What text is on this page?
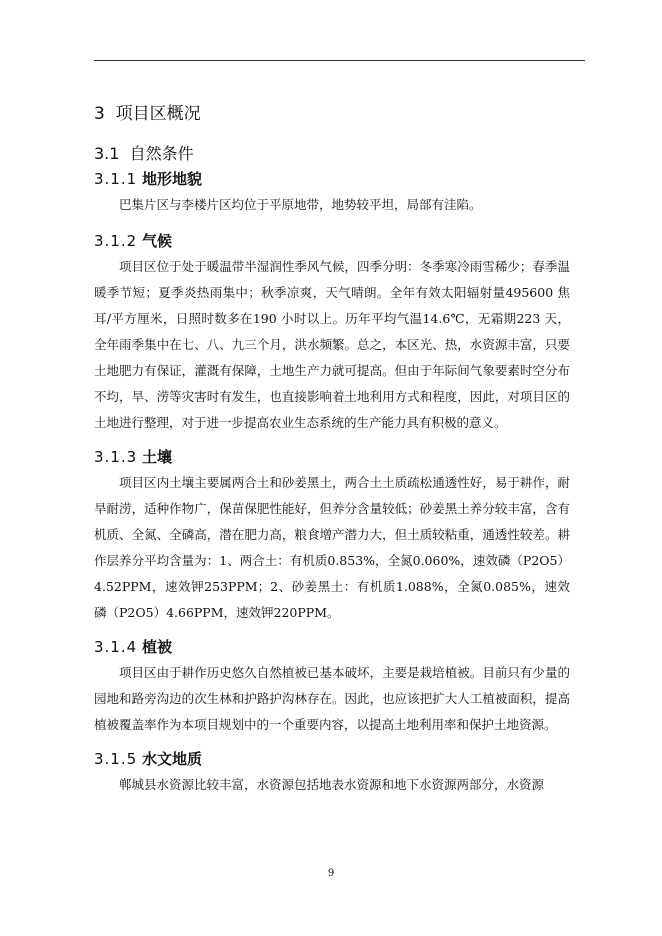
3 项目区概况
3.1 自然条件
3.1.1 地形地貌

巴集片区与李楼片区均位于平原地带，地势较平坦，局部有洼陷。

3.1.2 气候

项目区位于处于暖温带半湿润性季风气候，四季分明：冬季寒冷雨雪稀少；春季温暖季节短；夏季炎热雨集中；秋季凉爽，天气晴朗。全年有效太阳辐射量495600 焦耳/平方厘米，日照时数多在190 小时以上。历年平均气温14.6℃，无霜期223 天，全年雨季集中在七、八、九三个月，洪水频繁。总之，本区光、热，水资源丰富，只要土地肥力有保证，灌溉有保障，土地生产力就可提高。但由于年际间气象要素时空分布不均，旱、涝等灾害时有发生，也直接影响着土地利用方式和程度，因此，对项目区的土地进行整理，对于进一步提高农业生态系统的生产能力具有积极的意义。

3.1.3 土壤

项目区内土壤主要属两合土和砂姜黑土，两合土土质疏松通透性好，易于耕作，耐旱耐涝，适种作物广，保苗保肥性能好，但养分含量较低；砂姜黑土养分较丰富，含有机质、全氮、全磷高，潜在肥力高，粮食增产潜力大，但土质较粘重，通透性较差。耕作层养分平均含量为：1、两合土：有机质0.853%，全氮0.060%，速效磷（P2O5）4.52PPM，速效钾253PPM；2、砂姜黑土：有机质1.088%，全氮0.085%，速效磷（P2O5）4.66PPM，速效钾220PPM。

3.1.4 植被

项目区由于耕作历史悠久自然植被已基本破坏，主要是栽培植被。目前只有少量的园地和路旁沟边的次生林和护路护沟林存在。因此，也应该把扩大人工植被面积，提高植被覆盖率作为本项目规划中的一个重要内容，以提高土地利用率和保护土地资源。

3.1.5 水文地质

郸城县水资源比较丰富，水资源包括地表水资源和地下水资源两部分，水资源

9
